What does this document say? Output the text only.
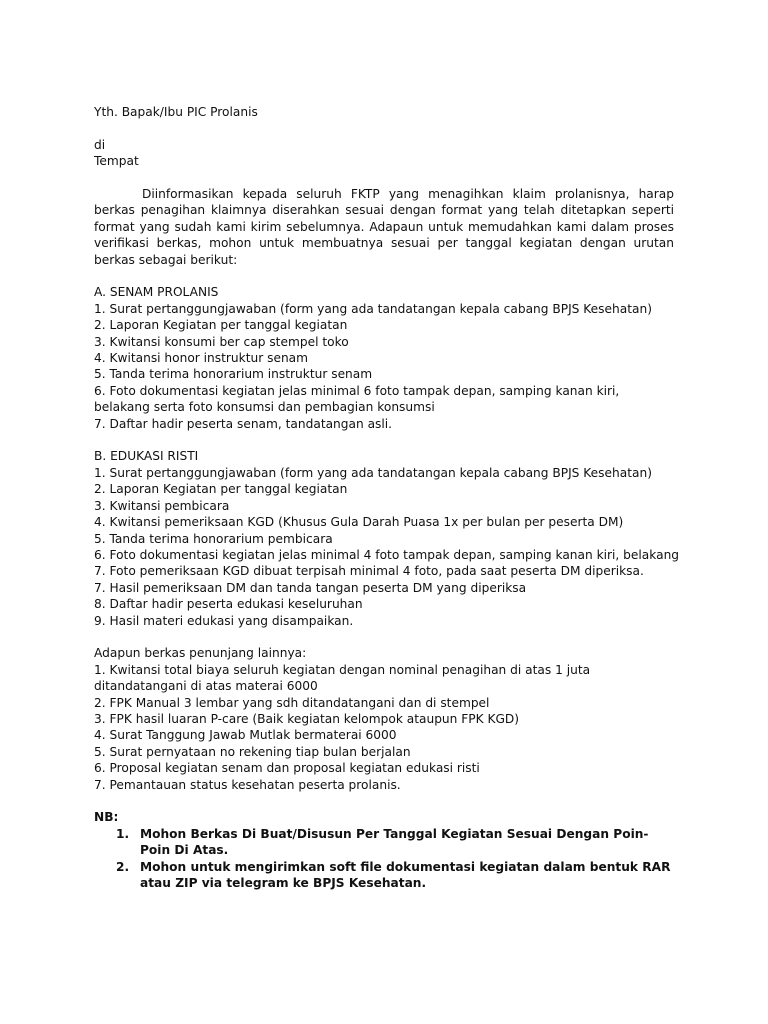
Yth. Bapak/Ibu PIC Prolanis

di

Tempat

Diinformasikan kepada seluruh FKTP yang menagihkan klaim prolanisnya, harap berkas penagihan klaimnya diserahkan sesuai dengan format yang telah ditetapkan seperti format yang sudah kami kirim sebelumnya. Adapaun untuk memudahkan kami dalam proses verifikasi berkas, mohon untuk membuatnya sesuai per tanggal kegiatan dengan urutan berkas sebagai berikut:

A. SENAM PROLANIS

1. Surat pertanggungjawaban (form yang ada tandatangan kepala cabang BPJS Kesehatan)

2. Laporan Kegiatan per tanggal kegiatan

3. Kwitansi konsumi ber cap stempel toko

4. Kwitansi honor instruktur senam

5. Tanda terima honorarium instruktur senam

6. Foto dokumentasi kegiatan jelas minimal 6 foto tampak depan, samping kanan kiri, belakang serta foto konsumsi dan pembagian konsumsi

7. Daftar hadir peserta senam, tandatangan asli.

B. EDUKASI RISTI

1. Surat pertanggungjawaban (form yang ada tandatangan kepala cabang BPJS Kesehatan)

2. Laporan Kegiatan per tanggal kegiatan

3. Kwitansi pembicara

4. Kwitansi pemeriksaan KGD (Khusus Gula Darah Puasa 1x per bulan per peserta DM)

5. Tanda terima honorarium pembicara

6. Foto dokumentasi kegiatan jelas minimal 4 foto tampak depan, samping kanan kiri, belakang

7. Foto pemeriksaan KGD dibuat terpisah minimal 4 foto, pada saat peserta DM diperiksa.

7. Hasil pemeriksaan DM dan tanda tangan peserta DM yang diperiksa

8. Daftar hadir peserta edukasi keseluruhan

9. Hasil materi edukasi yang disampaikan.

Adapun berkas penunjang lainnya:

1. Kwitansi total biaya seluruh kegiatan dengan nominal penagihan di atas 1 juta ditandatangani di atas materai 6000

2. FPK Manual 3 lembar yang sdh ditandatangani dan di stempel

3. FPK hasil luaran P-care (Baik kegiatan kelompok ataupun FPK KGD)

4. Surat Tanggung Jawab Mutlak bermaterai 6000

5. Surat pernyataan no rekening tiap bulan berjalan

6. Proposal kegiatan senam dan proposal kegiatan edukasi risti

7. Pemantauan status kesehatan peserta prolanis.

NB:

1. Mohon Berkas Di Buat/Disusun Per Tanggal Kegiatan Sesuai Dengan Poin-Poin Di Atas.
2. Mohon untuk mengirimkan soft file dokumentasi kegiatan dalam bentuk RAR atau ZIP via telegram ke BPJS Kesehatan.
